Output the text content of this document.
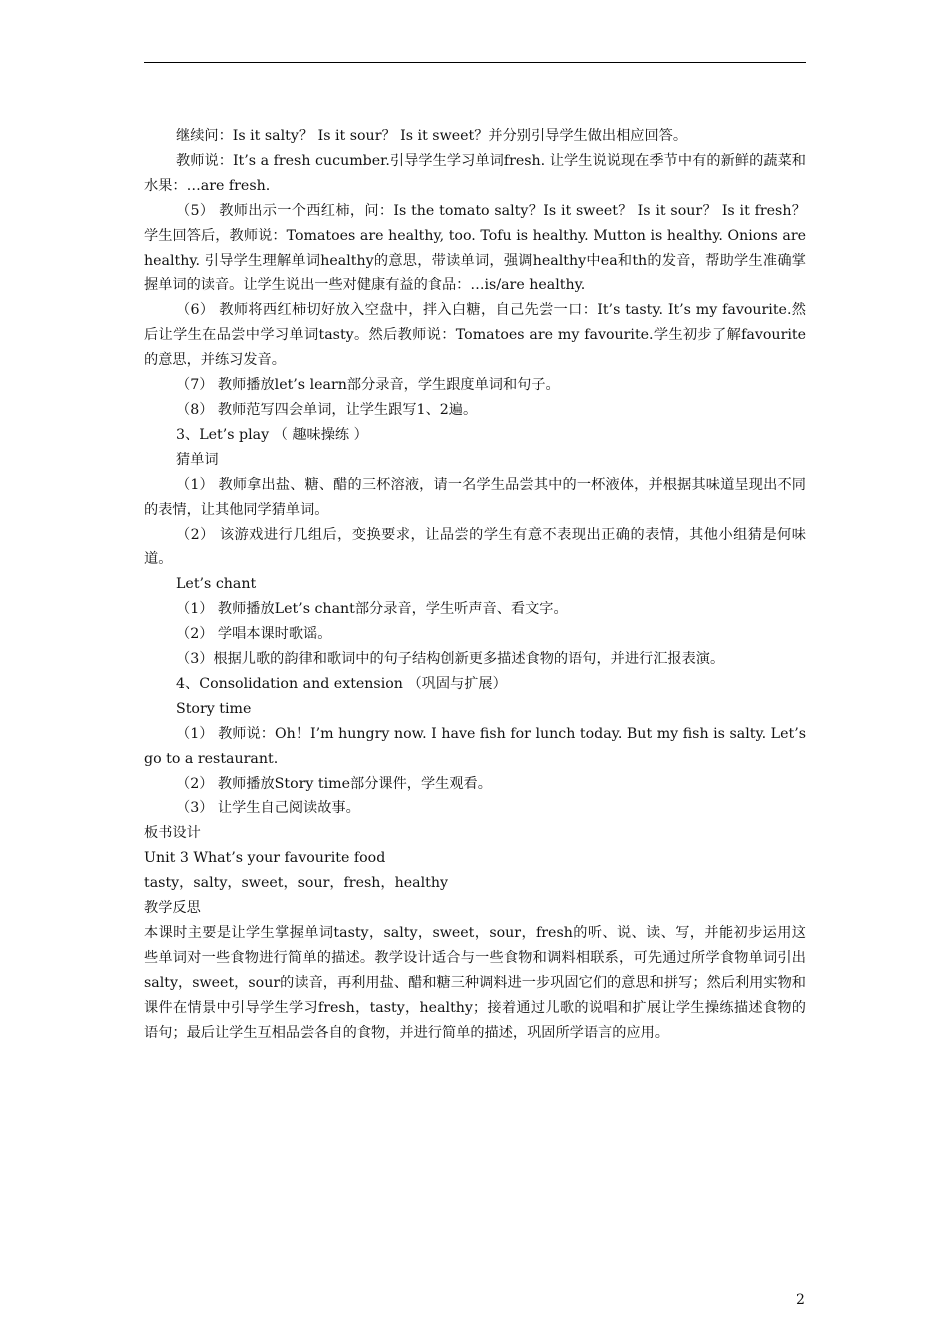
继续问：Is it salty？ Is it sour？ Is it sweet？并分别引导学生做出相应回答。

教师说：It’s a fresh cucumber.引导学生学习单词fresh. 让学生说说现在季节中有的新鲜的蔬菜和水果：…are fresh.

（5） 教师出示一个西红柿，问：Is the tomato salty？Is it sweet？ Is it sour？ Is it fresh？学生回答后，教师说：Tomatoes are healthy, too. Tofu is healthy. Mutton is healthy. Onions are healthy. 引导学生理解单词healthy的意思，带读单词，强调healthy中ea和th的发音，帮助学生准确掌握单词的读音。让学生说出一些对健康有益的食品：…is/are healthy.

（6） 教师将西红柿切好放入空盘中，拌入白糖，自己先尝一口：It’s tasty. It’s my favourite.然后让学生在品尝中学习单词tasty。然后教师说：Tomatoes are my favourite.学生初步了解favourite的意思，并练习发音。

（7） 教师播放let’s learn部分录音，学生跟度单词和句子。

（8） 教师范写四会单词，让学生跟写1、2遍。

3、Let’s play （ 趣味操练 ）

猜单词

（1） 教师拿出盐、糖、醋的三杯溶液，请一名学生品尝其中的一杯液体，并根据其味道呈现出不同的表情，让其他同学猜单词。

（2） 该游戏进行几组后，变换要求，让品尝的学生有意不表现出正确的表情，其他小组猜是何味道。

Let’s chant

（1） 教师播放Let’s chant部分录音，学生听声音、看文字。

（2） 学唱本课时歌谣。

（3）根据儿歌的韵律和歌词中的句子结构创新更多描述食物的语句，并进行汇报表演。

4、Consolidation and extension （巩固与扩展）

Story time

（1） 教师说：Oh！I’m hungry now. I have fish for lunch today. But my fish is salty. Let’s go to a restaurant.

（2） 教师播放Story time部分课件，学生观看。

（3） 让学生自己阅读故事。

板书设计

Unit 3 What’s your favourite food

tasty，salty，sweet，sour，fresh，healthy

教学反思

本课时主要是让学生掌握单词tasty，salty，sweet，sour，fresh的听、说、读、写，并能初步运用这些单词对一些食物进行简单的描述。教学设计适合与一些食物和调料相联系，可先通过所学食物单词引出salty，sweet，sour的读音，再利用盐、醋和糖三种调料进一步巩固它们的意思和拼写；然后利用实物和课件在情景中引导学生学习fresh，tasty，healthy；接着通过儿歌的说唱和扩展让学生操练描述食物的语句；最后让学生互相品尝各自的食物，并进行简单的描述，巩固所学语言的应用。

2
